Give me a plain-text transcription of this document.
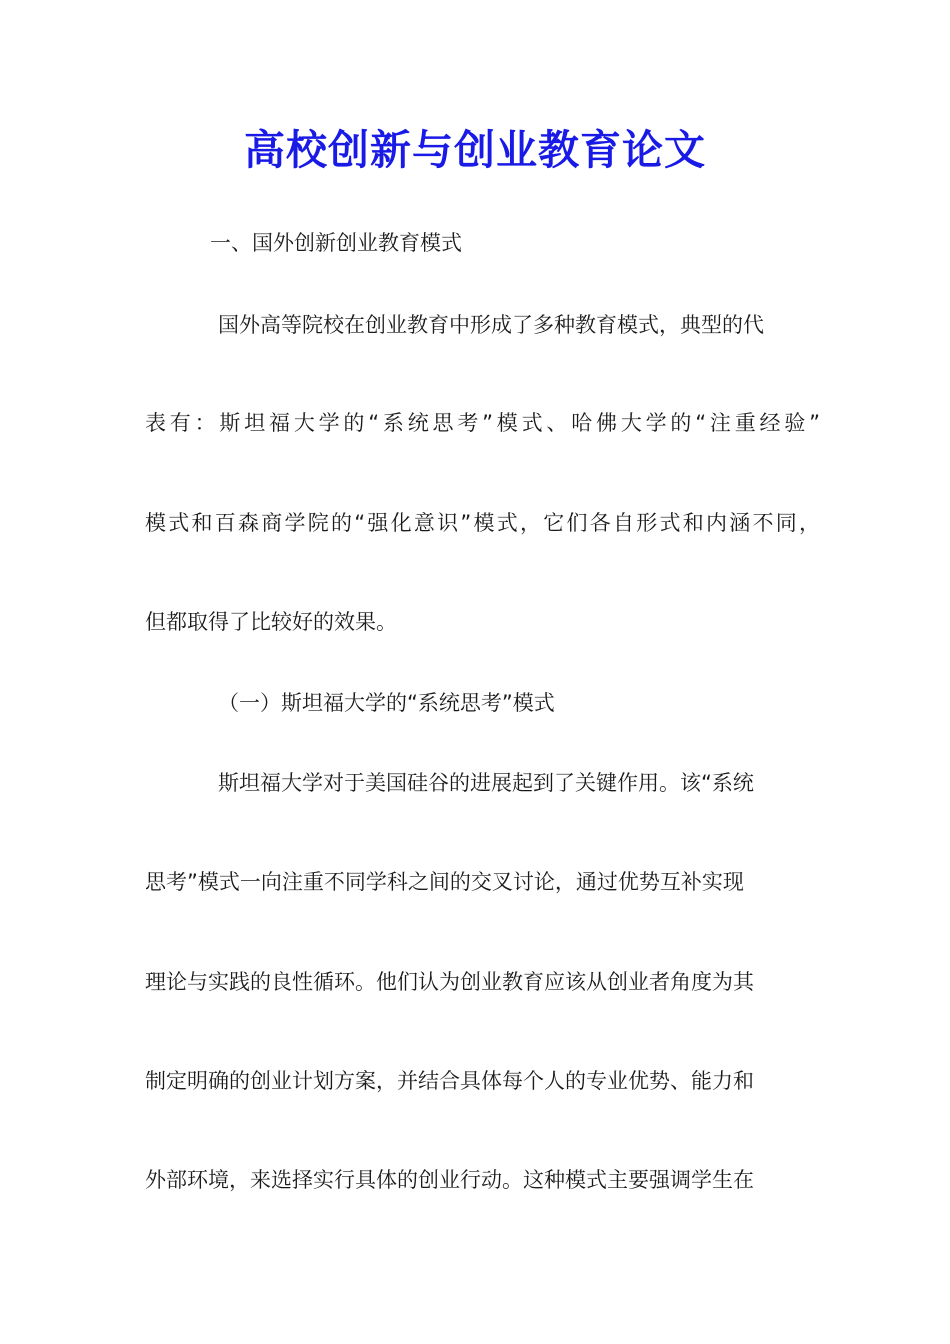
高校创新与创业教育论文
一、国外创新创业教育模式
国外高等院校在创业教育中形成了多种教育模式，典型的代
表有：斯坦福大学的“系统思考”模式、哈佛大学的“注重经验”
模式和百森商学院的“强化意识”模式，它们各自形式和内涵不同，
但都取得了比较好的效果。
（一）斯坦福大学的“系统思考”模式
斯坦福大学对于美国硅谷的进展起到了关键作用。该“系统
思考”模式一向注重不同学科之间的交叉讨论，通过优势互补实现
理论与实践的良性循环。他们认为创业教育应该从创业者角度为其
制定明确的创业计划方案，并结合具体每个人的专业优势、能力和
外部环境，来选择实行具体的创业行动。这种模式主要强调学生在
